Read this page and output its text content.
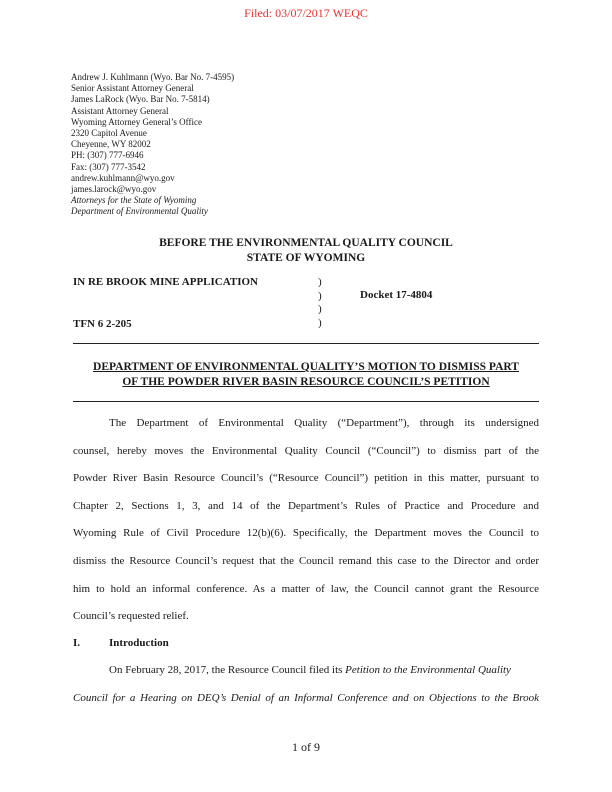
Filed: 03/07/2017 WEQC
Andrew J. Kuhlmann (Wyo. Bar No. 7-4595)
Senior Assistant Attorney General
James LaRock (Wyo. Bar No. 7-5814)
Assistant Attorney General
Wyoming Attorney General’s Office
2320 Capitol Avenue
Cheyenne, WY 82002
PH: (307) 777-6946
Fax: (307) 777-3542
andrew.kuhlmann@wyo.gov
james.larock@wyo.gov
Attorneys for the State of Wyoming
Department of Environmental Quality
BEFORE THE ENVIRONMENTAL QUALITY COUNCIL
STATE OF WYOMING
IN RE BROOK MINE APPLICATION
TFN 6 2-205
)
)
)
)
Docket 17-4804
DEPARTMENT OF ENVIRONMENTAL QUALITY’S MOTION TO DISMISS PART
OF THE POWDER RIVER BASIN RESOURCE COUNCIL’S PETITION
The Department of Environmental Quality (“Department”), through its undersigned
counsel, hereby moves the Environmental Quality Council (“Council”) to dismiss part of the
Powder River Basin Resource Council’s (“Resource Council”) petition in this matter, pursuant to
Chapter 2, Sections 1, 3, and 14 of the Department’s Rules of Practice and Procedure and
Wyoming Rule of Civil Procedure 12(b)(6). Specifically, the Department moves the Council to
dismiss the Resource Council’s request that the Council remand this case to the Director and order
him to hold an informal conference. As a matter of law, the Council cannot grant the Resource
Council’s requested relief.
I.	Introduction
On February 28, 2017, the Resource Council filed its Petition to the Environmental Quality
Council for a Hearing on DEQ’s Denial of an Informal Conference and on Objections to the Brook
1 of 9
